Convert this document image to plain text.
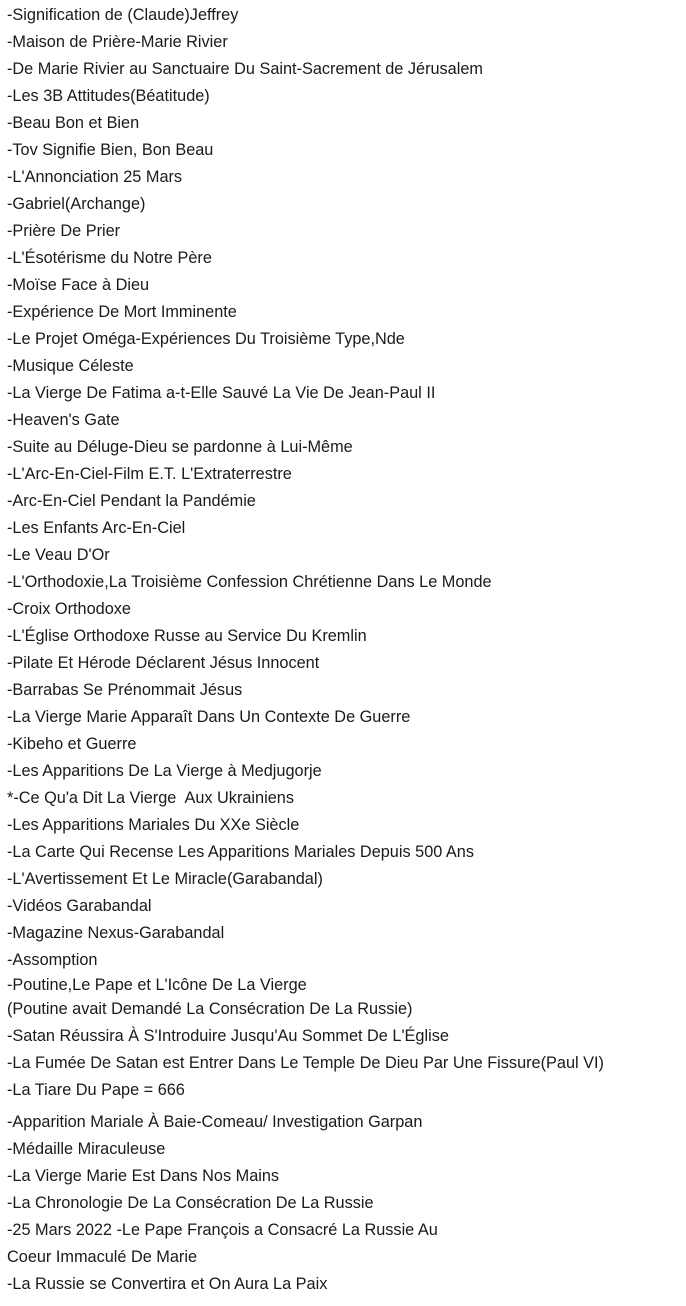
-Signification de (Claude)Jeffrey
-Maison de Prière-Marie Rivier
-De Marie Rivier au Sanctuaire Du Saint-Sacrement de Jérusalem
-Les 3B Attitudes(Béatitude)
-Beau Bon et Bien
-Tov Signifie Bien, Bon Beau
-L'Annonciation 25 Mars
-Gabriel(Archange)
-Prière De Prier
-L'Ésotérisme du Notre Père
-Moïse Face à Dieu
-Expérience De Mort Imminente
-Le Projet Oméga-Expériences Du Troisième Type,Nde
-Musique Céleste
-La Vierge De Fatima a-t-Elle Sauvé La Vie De Jean-Paul II
-Heaven's Gate
-Suite au Déluge-Dieu se pardonne à Lui-Même
-L'Arc-En-Ciel-Film E.T. L'Extraterrestre
-Arc-En-Ciel Pendant la Pandémie
-Les Enfants Arc-En-Ciel
-Le Veau D'Or
-L'Orthodoxie,La Troisième Confession Chrétienne Dans Le Monde
-Croix Orthodoxe
-L'Église Orthodoxe Russe au Service Du Kremlin
-Pilate Et Hérode Déclarent Jésus Innocent
-Barrabas Se Prénommait Jésus
-La Vierge Marie Apparaît Dans Un Contexte De Guerre
-Kibeho et Guerre
-Les Apparitions De La Vierge à Medjugorje
*-Ce Qu'a Dit La Vierge  Aux Ukrainiens
-Les Apparitions Mariales Du XXe Siècle
-La Carte Qui Recense Les Apparitions Mariales Depuis 500 Ans
-L'Avertissement Et Le Miracle(Garabandal)
-Vidéos Garabandal
-Magazine Nexus-Garabandal
-Assomption
-Poutine,Le Pape et L'Icône De La Vierge
(Poutine avait Demandé La Consécration De La Russie)
-Satan Réussira À S'Introduire Jusqu'Au Sommet De L'Église
-La Fumée De Satan est Entrer Dans Le Temple De Dieu Par Une Fissure(Paul VI)
-La Tiare Du Pape = 666
-Apparition Mariale À Baie-Comeau/ Investigation Garpan
-Médaille Miraculeuse
-La Vierge Marie Est Dans Nos Mains
-La Chronologie De La Consécration De La Russie
-25 Mars 2022 -Le Pape François a Consacré La Russie Au
Coeur Immaculé De Marie
-La Russie se Convertira et On Aura La Paix
